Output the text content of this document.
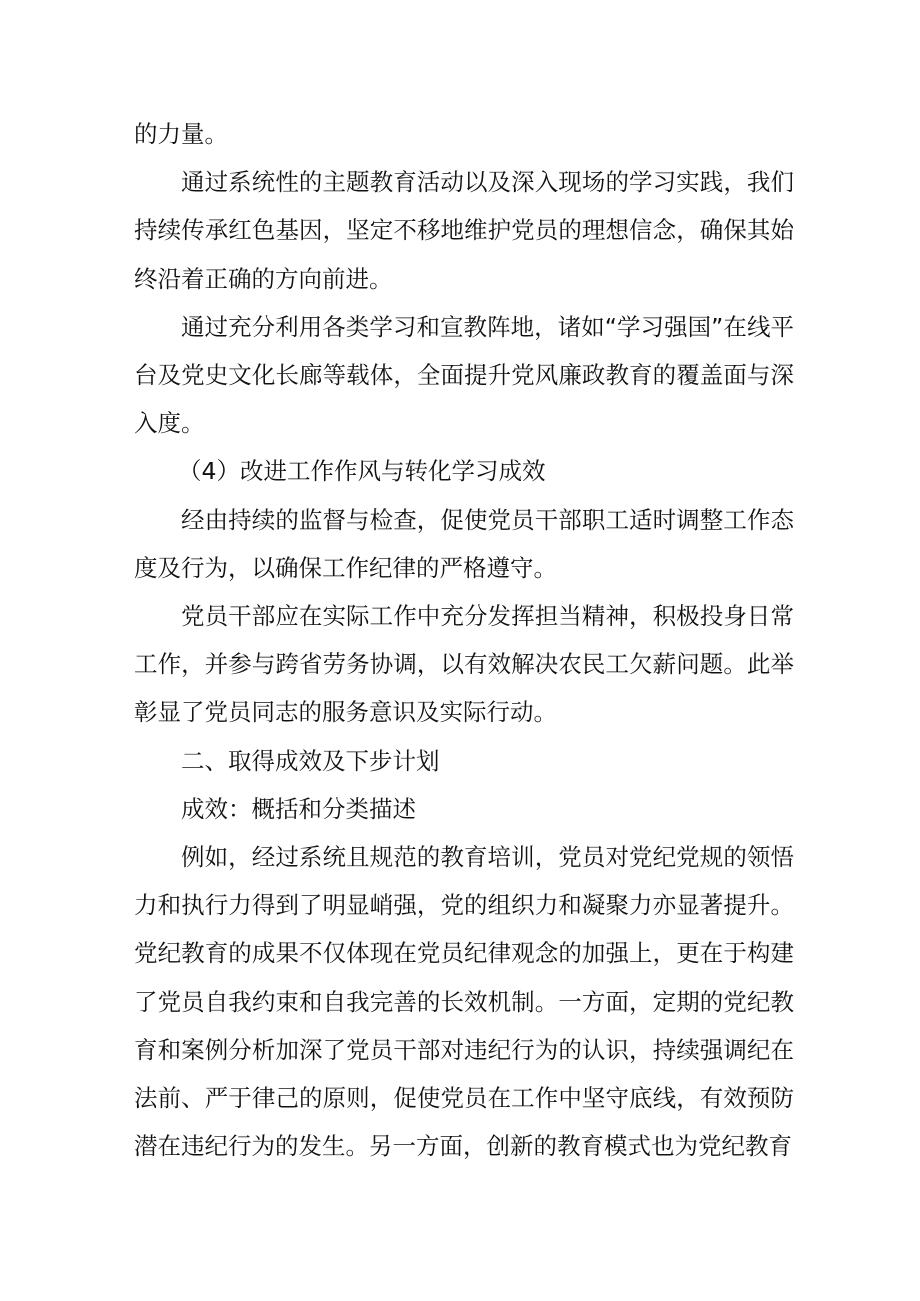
的力量。

通过系统性的主题教育活动以及深入现场的学习实践，我们持续传承红色基因，坚定不移地维护党员的理想信念，确保其始终沿着正确的方向前进。

通过充分利用各类学习和宣教阵地，诸如“学习强国”在线平台及党史文化长廊等载体，全面提升党风廉政教育的覆盖面与深入度。

（4）改进工作作风与转化学习成效

经由持续的监督与检查，促使党员干部职工适时调整工作态度及行为，以确保工作纪律的严格遵守。

党员干部应在实际工作中充分发挥担当精神，积极投身日常工作，并参与跨省劳务协调，以有效解决农民工欠薪问题。此举彰显了党员同志的服务意识及实际行动。

二、取得成效及下步计划

成效：概括和分类描述

例如，经过系统且规范的教育培训，党员对党纪党规的领悟力和执行力得到了明显峭强，党的组织力和凝聚力亦显著提升。党纪教育的成果不仅体现在党员纪律观念的加强上，更在于构建了党员自我约束和自我完善的长效机制。一方面，定期的党纪教育和案例分析加深了党员干部对违纪行为的认识，持续强调纪在法前、严于律己的原则，促使党员在工作中坚守底线，有效预防潜在违纪行为的发生。另一方面，创新的教育模式也为党纪教育
